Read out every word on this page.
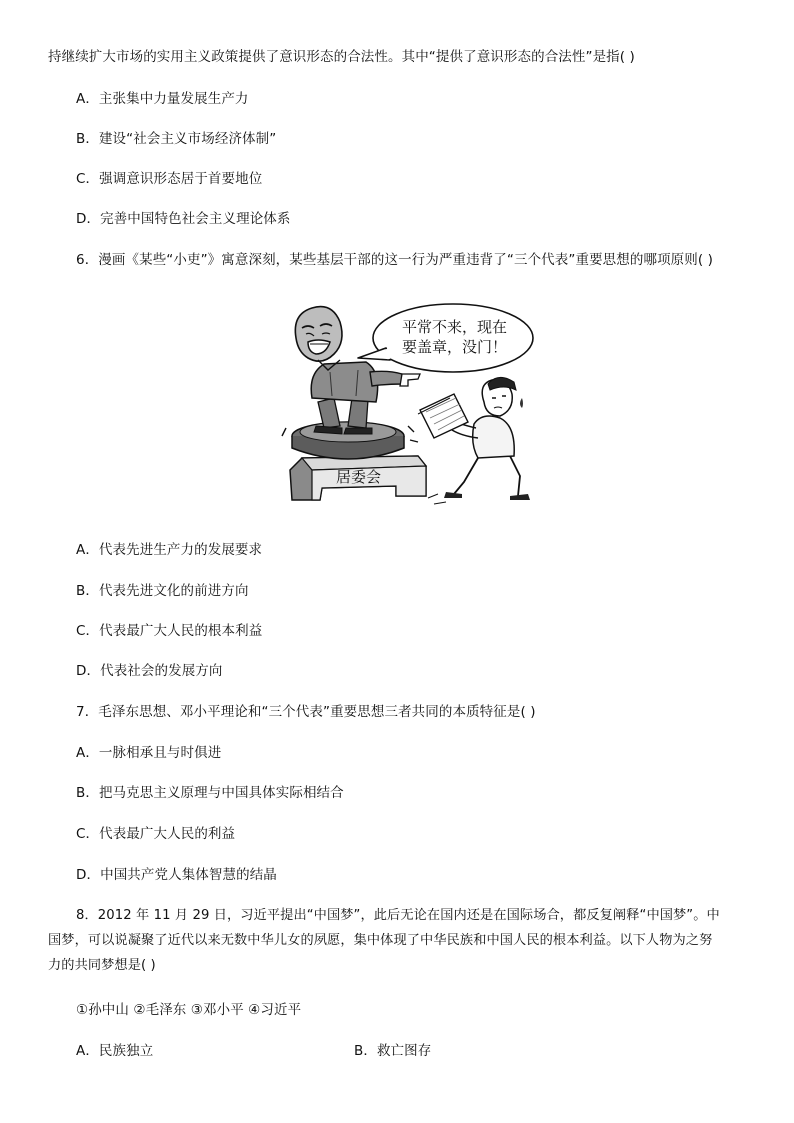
持继续扩大市场的实用主义政策提供了意识形态的合法性。其中“提供了意识形态的合法性”是指( )
A．主张集中力量发展生产力
B．建设“社会主义市场经济体制”
C．强调意识形态居于首要地位
D．完善中国特色社会主义理论体系
6．漫画《某些“小吏”》寓意深刻，某些基层干部的这一行为严重违背了“三个代表”重要思想的哪项原则( )
平常不来，现在
要盖章，没门！
居委会
A．代表先进生产力的发展要求
B．代表先进文化的前进方向
C．代表最广大人民的根本利益
D．代表社会的发展方向
7．毛泽东思想、邓小平理论和“三个代表”重要思想三者共同的本质特征是( )
A．一脉相承且与时俱进
B．把马克思主义原理与中国具体实际相结合
C．代表最广大人民的利益
D．中国共产党人集体智慧的结晶
8．2012 年 11 月 29 日，习近平提出“中国梦”，此后无论在国内还是在国际场合，都反复阐释“中国梦”。中
国梦，可以说凝聚了近代以来无数中华儿女的夙愿，集中体现了中华民族和中国人民的根本利益。以下人物为之努
力的共同梦想是( )
①孙中山 ②毛泽东 ③邓小平 ④习近平
A．民族独立	B．救亡图存
